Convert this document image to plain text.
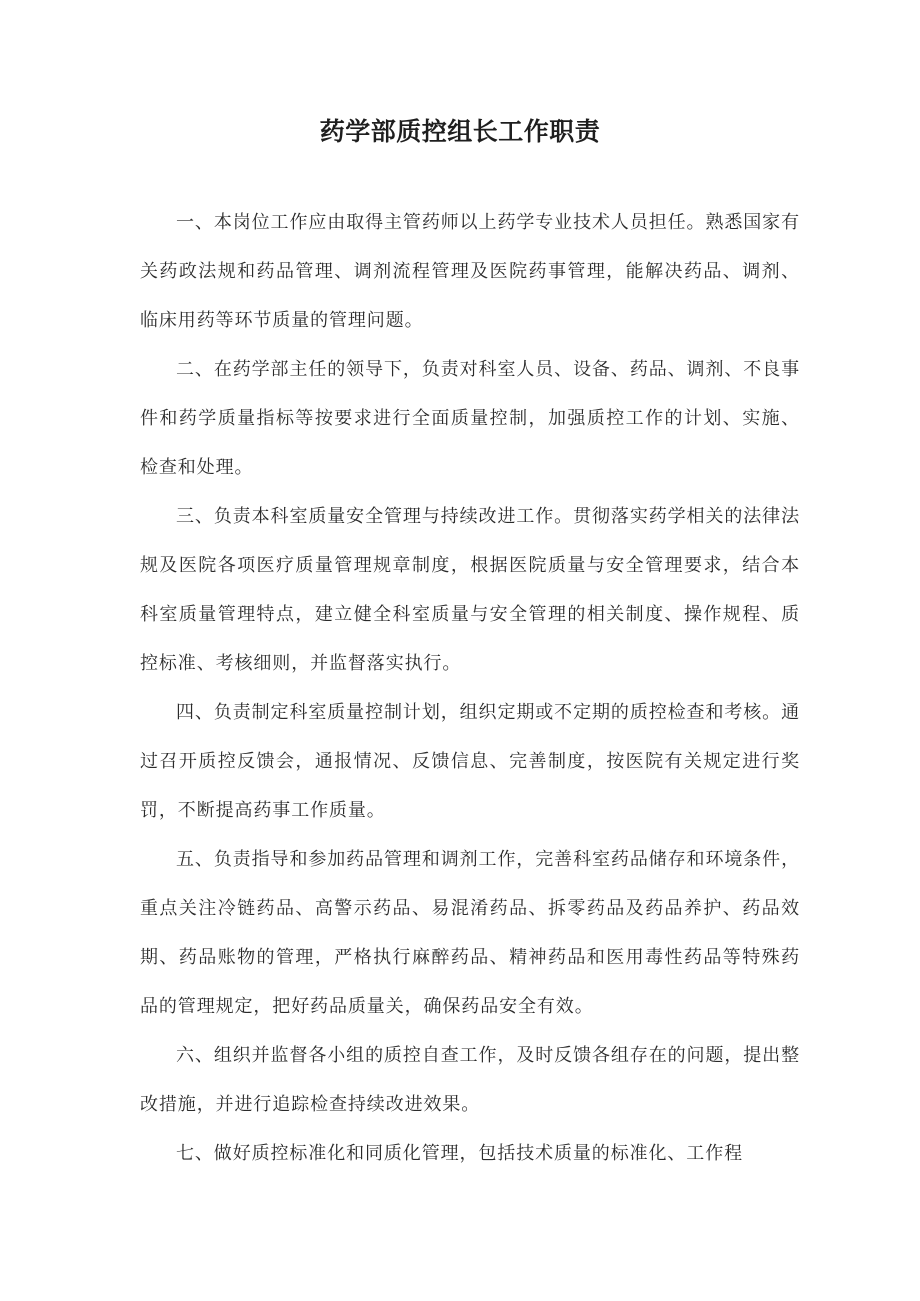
药学部质控组长工作职责

一、本岗位工作应由取得主管药师以上药学专业技术人员担任。熟悉国家有关药政法规和药品管理、调剂流程管理及医院药事管理，能解决药品、调剂、临床用药等环节质量的管理问题。

二、在药学部主任的领导下，负责对科室人员、设备、药品、调剂、不良事件和药学质量指标等按要求进行全面质量控制，加强质控工作的计划、实施、检查和处理。

三、负责本科室质量安全管理与持续改进工作。贯彻落实药学相关的法律法规及医院各项医疗质量管理规章制度，根据医院质量与安全管理要求，结合本科室质量管理特点，建立健全科室质量与安全管理的相关制度、操作规程、质控标准、考核细则，并监督落实执行。

四、负责制定科室质量控制计划，组织定期或不定期的质控检查和考核。通过召开质控反馈会，通报情况、反馈信息、完善制度，按医院有关规定进行奖罚，不断提高药事工作质量。

五、负责指导和参加药品管理和调剂工作，完善科室药品储存和环境条件，重点关注冷链药品、高警示药品、易混淆药品、拆零药品及药品养护、药品效期、药品账物的管理，严格执行麻醉药品、精神药品和医用毒性药品等特殊药品的管理规定，把好药品质量关，确保药品安全有效。

六、组织并监督各小组的质控自查工作，及时反馈各组存在的问题，提出整改措施，并进行追踪检查持续改进效果。

七、做好质控标准化和同质化管理，包括技术质量的标准化、工作程
